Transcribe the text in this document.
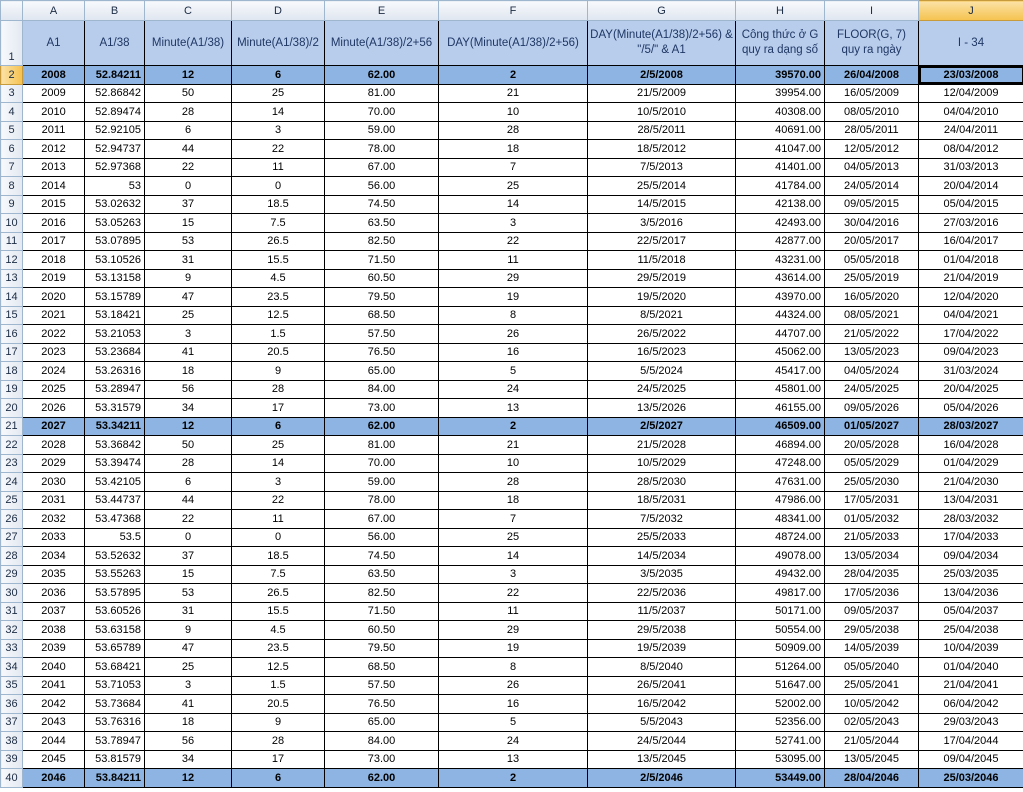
	A	B	C	D	E	F	G	H	I	J
1	A1	A1/38	Minute(A1/38)	Minute(A1/38)/2	Minute(A1/38)/2+56	DAY(Minute(A1/38)/2+56)	DAY(Minute(A1/38)/2+56) & "/5/" & A1	Công thức ở G quy ra dạng số	FLOOR(G, 7) quy ra ngày	I - 34
2	2008	52.84211	12	6	62.00	2	2/5/2008	39570.00	26/04/2008	23/03/2008
3	2009	52.86842	50	25	81.00	21	21/5/2009	39954.00	16/05/2009	12/04/2009
4	2010	52.89474	28	14	70.00	10	10/5/2010	40308.00	08/05/2010	04/04/2010
5	2011	52.92105	6	3	59.00	28	28/5/2011	40691.00	28/05/2011	24/04/2011
6	2012	52.94737	44	22	78.00	18	18/5/2012	41047.00	12/05/2012	08/04/2012
7	2013	52.97368	22	11	67.00	7	7/5/2013	41401.00	04/05/2013	31/03/2013
8	2014	53	0	0	56.00	25	25/5/2014	41784.00	24/05/2014	20/04/2014
9	2015	53.02632	37	18.5	74.50	14	14/5/2015	42138.00	09/05/2015	05/04/2015
10	2016	53.05263	15	7.5	63.50	3	3/5/2016	42493.00	30/04/2016	27/03/2016
11	2017	53.07895	53	26.5	82.50	22	22/5/2017	42877.00	20/05/2017	16/04/2017
12	2018	53.10526	31	15.5	71.50	11	11/5/2018	43231.00	05/05/2018	01/04/2018
13	2019	53.13158	9	4.5	60.50	29	29/5/2019	43614.00	25/05/2019	21/04/2019
14	2020	53.15789	47	23.5	79.50	19	19/5/2020	43970.00	16/05/2020	12/04/2020
15	2021	53.18421	25	12.5	68.50	8	8/5/2021	44324.00	08/05/2021	04/04/2021
16	2022	53.21053	3	1.5	57.50	26	26/5/2022	44707.00	21/05/2022	17/04/2022
17	2023	53.23684	41	20.5	76.50	16	16/5/2023	45062.00	13/05/2023	09/04/2023
18	2024	53.26316	18	9	65.00	5	5/5/2024	45417.00	04/05/2024	31/03/2024
19	2025	53.28947	56	28	84.00	24	24/5/2025	45801.00	24/05/2025	20/04/2025
20	2026	53.31579	34	17	73.00	13	13/5/2026	46155.00	09/05/2026	05/04/2026
21	2027	53.34211	12	6	62.00	2	2/5/2027	46509.00	01/05/2027	28/03/2027
22	2028	53.36842	50	25	81.00	21	21/5/2028	46894.00	20/05/2028	16/04/2028
23	2029	53.39474	28	14	70.00	10	10/5/2029	47248.00	05/05/2029	01/04/2029
24	2030	53.42105	6	3	59.00	28	28/5/2030	47631.00	25/05/2030	21/04/2030
25	2031	53.44737	44	22	78.00	18	18/5/2031	47986.00	17/05/2031	13/04/2031
26	2032	53.47368	22	11	67.00	7	7/5/2032	48341.00	01/05/2032	28/03/2032
27	2033	53.5	0	0	56.00	25	25/5/2033	48724.00	21/05/2033	17/04/2033
28	2034	53.52632	37	18.5	74.50	14	14/5/2034	49078.00	13/05/2034	09/04/2034
29	2035	53.55263	15	7.5	63.50	3	3/5/2035	49432.00	28/04/2035	25/03/2035
30	2036	53.57895	53	26.5	82.50	22	22/5/2036	49817.00	17/05/2036	13/04/2036
31	2037	53.60526	31	15.5	71.50	11	11/5/2037	50171.00	09/05/2037	05/04/2037
32	2038	53.63158	9	4.5	60.50	29	29/5/2038	50554.00	29/05/2038	25/04/2038
33	2039	53.65789	47	23.5	79.50	19	19/5/2039	50909.00	14/05/2039	10/04/2039
34	2040	53.68421	25	12.5	68.50	8	8/5/2040	51264.00	05/05/2040	01/04/2040
35	2041	53.71053	3	1.5	57.50	26	26/5/2041	51647.00	25/05/2041	21/04/2041
36	2042	53.73684	41	20.5	76.50	16	16/5/2042	52002.00	10/05/2042	06/04/2042
37	2043	53.76316	18	9	65.00	5	5/5/2043	52356.00	02/05/2043	29/03/2043
38	2044	53.78947	56	28	84.00	24	24/5/2044	52741.00	21/05/2044	17/04/2044
39	2045	53.81579	34	17	73.00	13	13/5/2045	53095.00	13/05/2045	09/04/2045
40	2046	53.84211	12	6	62.00	2	2/5/2046	53449.00	28/04/2046	25/03/2046
